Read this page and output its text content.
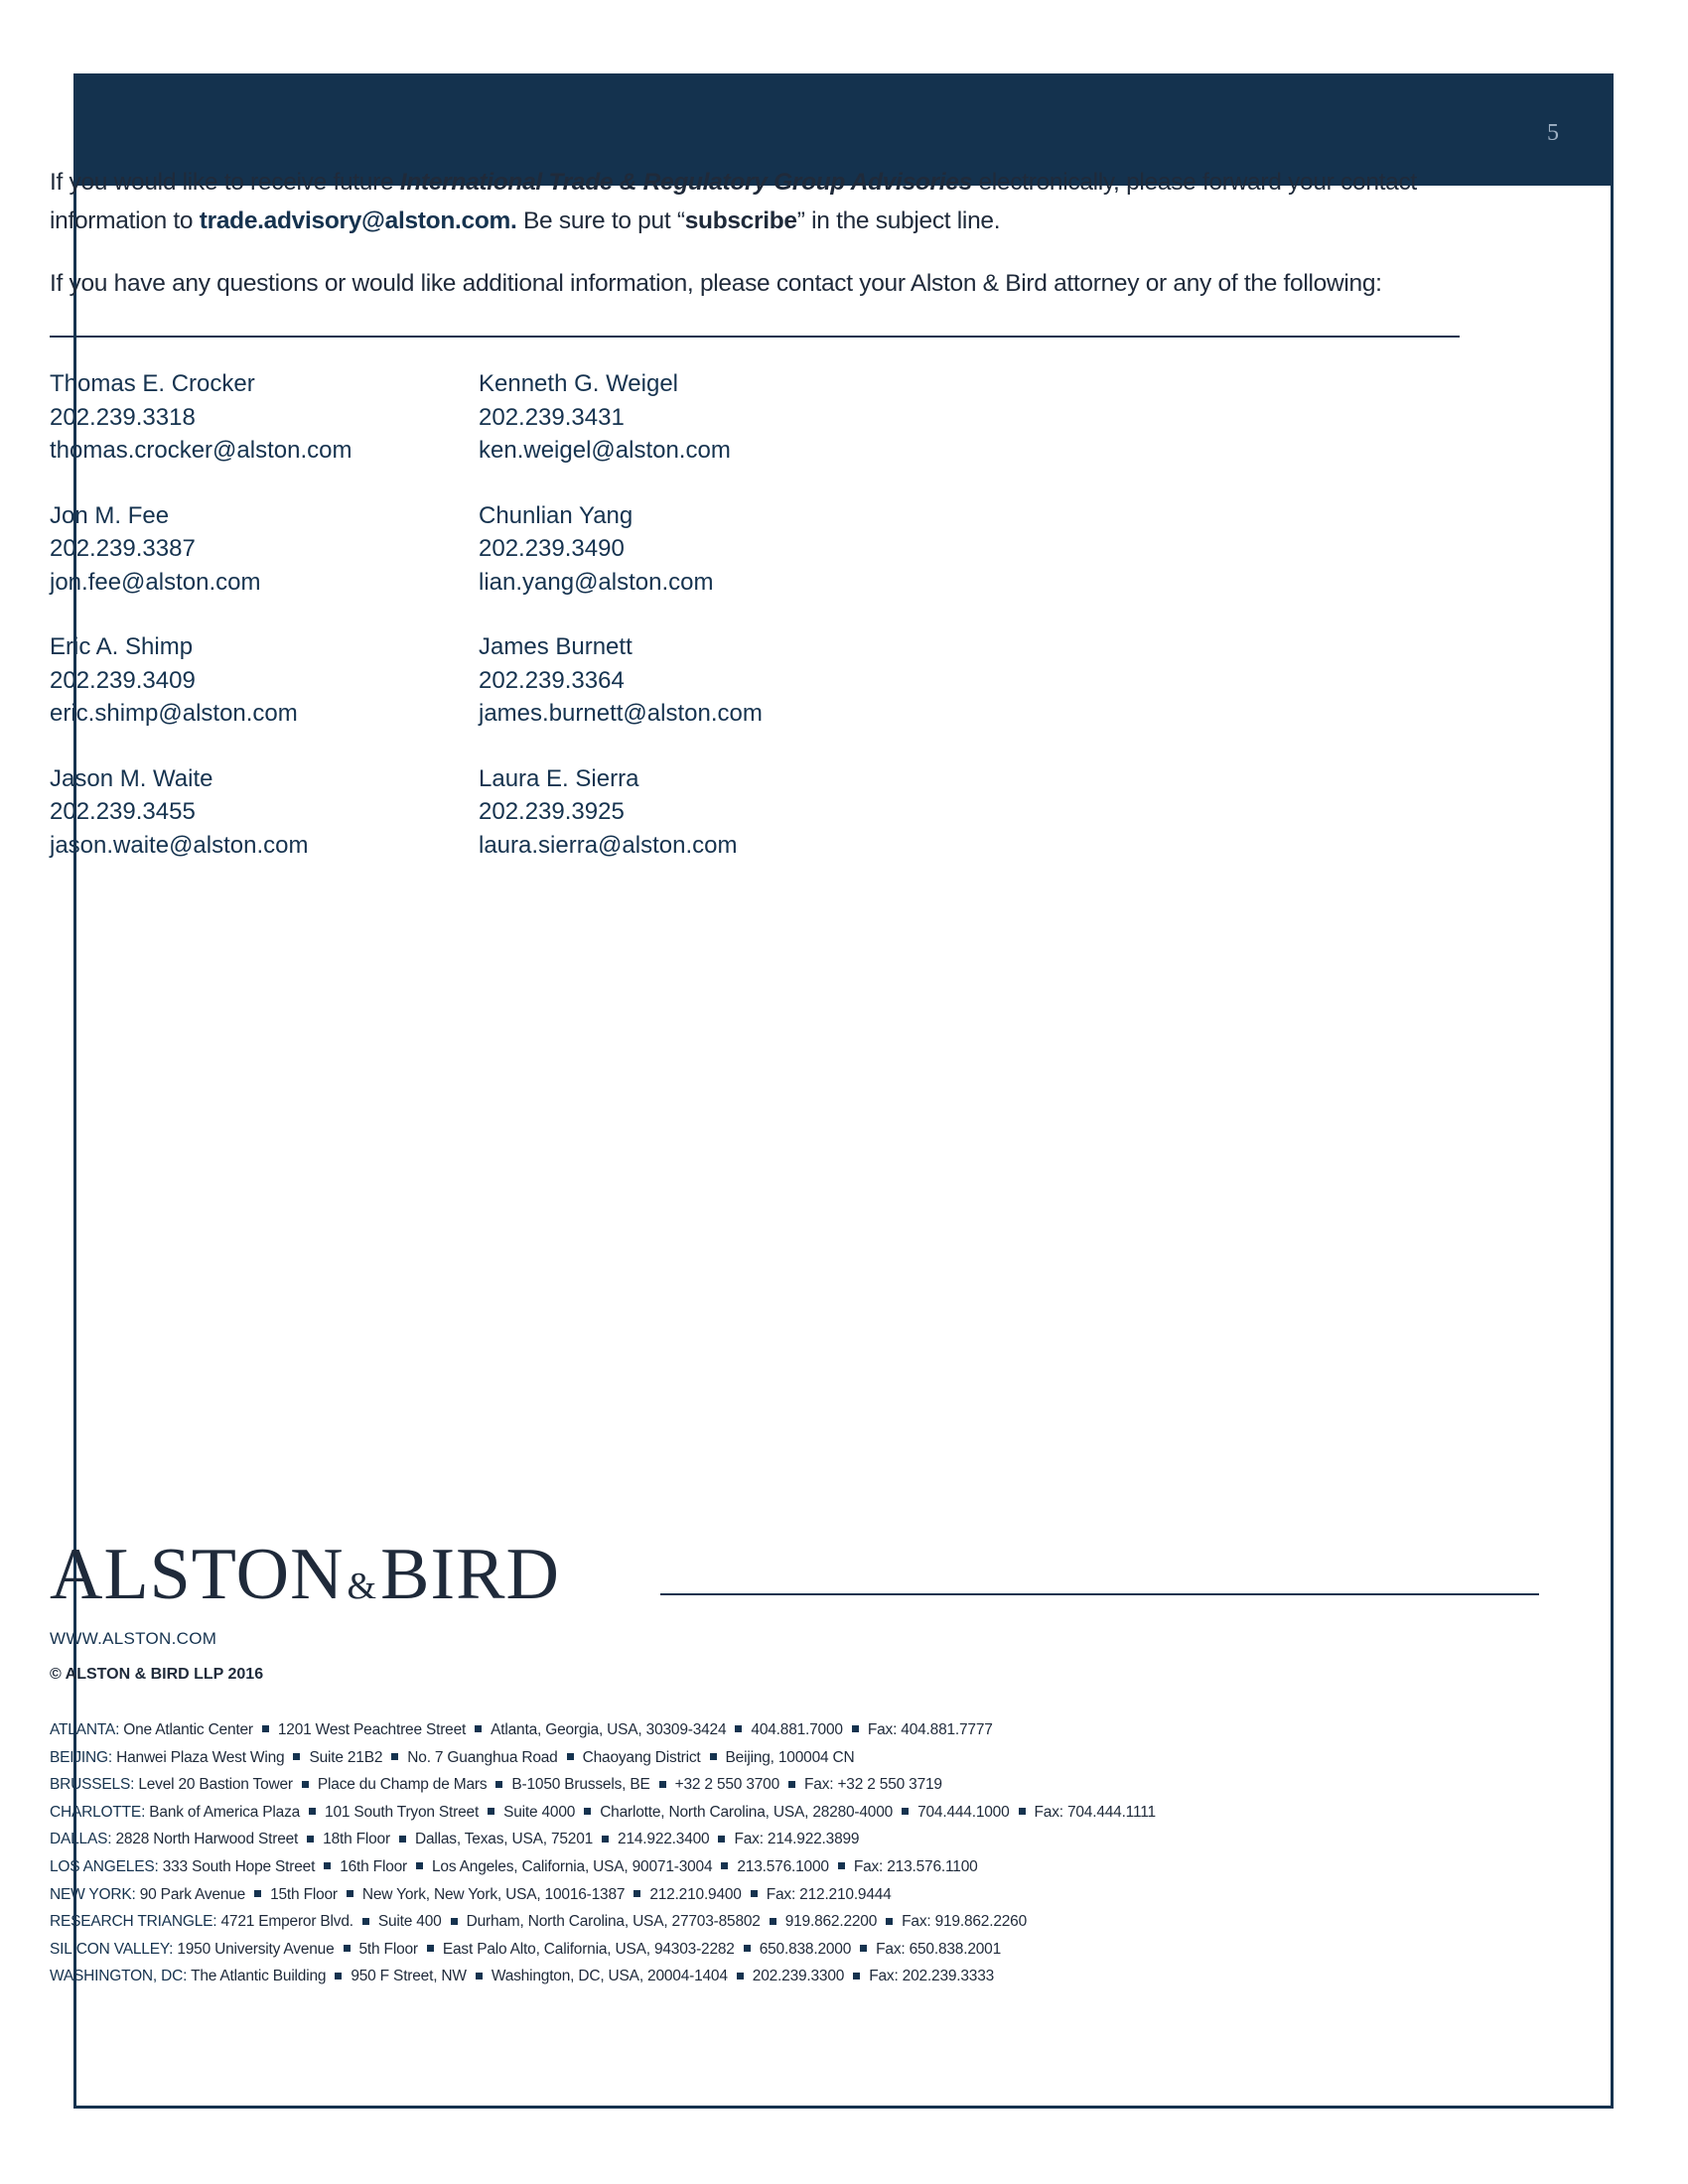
5

If you would like to receive future International Trade & Regulatory Group Advisories electronically, please forward your contact information to trade.advisory@alston.com. Be sure to put “subscribe” in the subject line.

If you have any questions or would like additional information, please contact your Alston & Bird attorney or any of the following:

Thomas E. Crocker
202.239.3318
thomas.crocker@alston.com
Kenneth G. Weigel
202.239.3431
ken.weigel@alston.com
Jon M. Fee
202.239.3387
jon.fee@alston.com
Chunlian Yang
202.239.3490
lian.yang@alston.com
Eric A. Shimp
202.239.3409
eric.shimp@alston.com
James Burnett
202.239.3364
james.burnett@alston.com
Jason M. Waite
202.239.3455
jason.waite@alston.com
Laura E. Sierra
202.239.3925
laura.sierra@alston.com
ALSTON&BIRD
WWW.ALSTON.COM
© ALSTON & BIRD LLP 2016
ATLANTA: One Atlantic Center 1201 West Peachtree Street Atlanta, Georgia, USA, 30309-3424 404.881.7000 Fax: 404.881.7777
BEIJING: Hanwei Plaza West Wing Suite 21B2 No. 7 Guanghua Road Chaoyang District Beijing, 100004 CN
BRUSSELS: Level 20 Bastion Tower Place du Champ de Mars B-1050 Brussels, BE +32 2 550 3700 Fax: +32 2 550 3719
CHARLOTTE: Bank of America Plaza 101 South Tryon Street Suite 4000 Charlotte, North Carolina, USA, 28280-4000 704.444.1000 Fax: 704.444.1111
DALLAS: 2828 North Harwood Street 18th Floor Dallas, Texas, USA, 75201 214.922.3400 Fax: 214.922.3899
LOS ANGELES: 333 South Hope Street 16th Floor Los Angeles, California, USA, 90071-3004 213.576.1000 Fax: 213.576.1100
NEW YORK: 90 Park Avenue 15th Floor New York, New York, USA, 10016-1387 212.210.9400 Fax: 212.210.9444
RESEARCH TRIANGLE: 4721 Emperor Blvd. Suite 400 Durham, North Carolina, USA, 27703-85802 919.862.2200 Fax: 919.862.2260
SILICON VALLEY: 1950 University Avenue 5th Floor East Palo Alto, California, USA, 94303-2282 650.838.2000 Fax: 650.838.2001
WASHINGTON, DC: The Atlantic Building 950 F Street, NW Washington, DC, USA, 20004-1404 202.239.3300 Fax: 202.239.3333
